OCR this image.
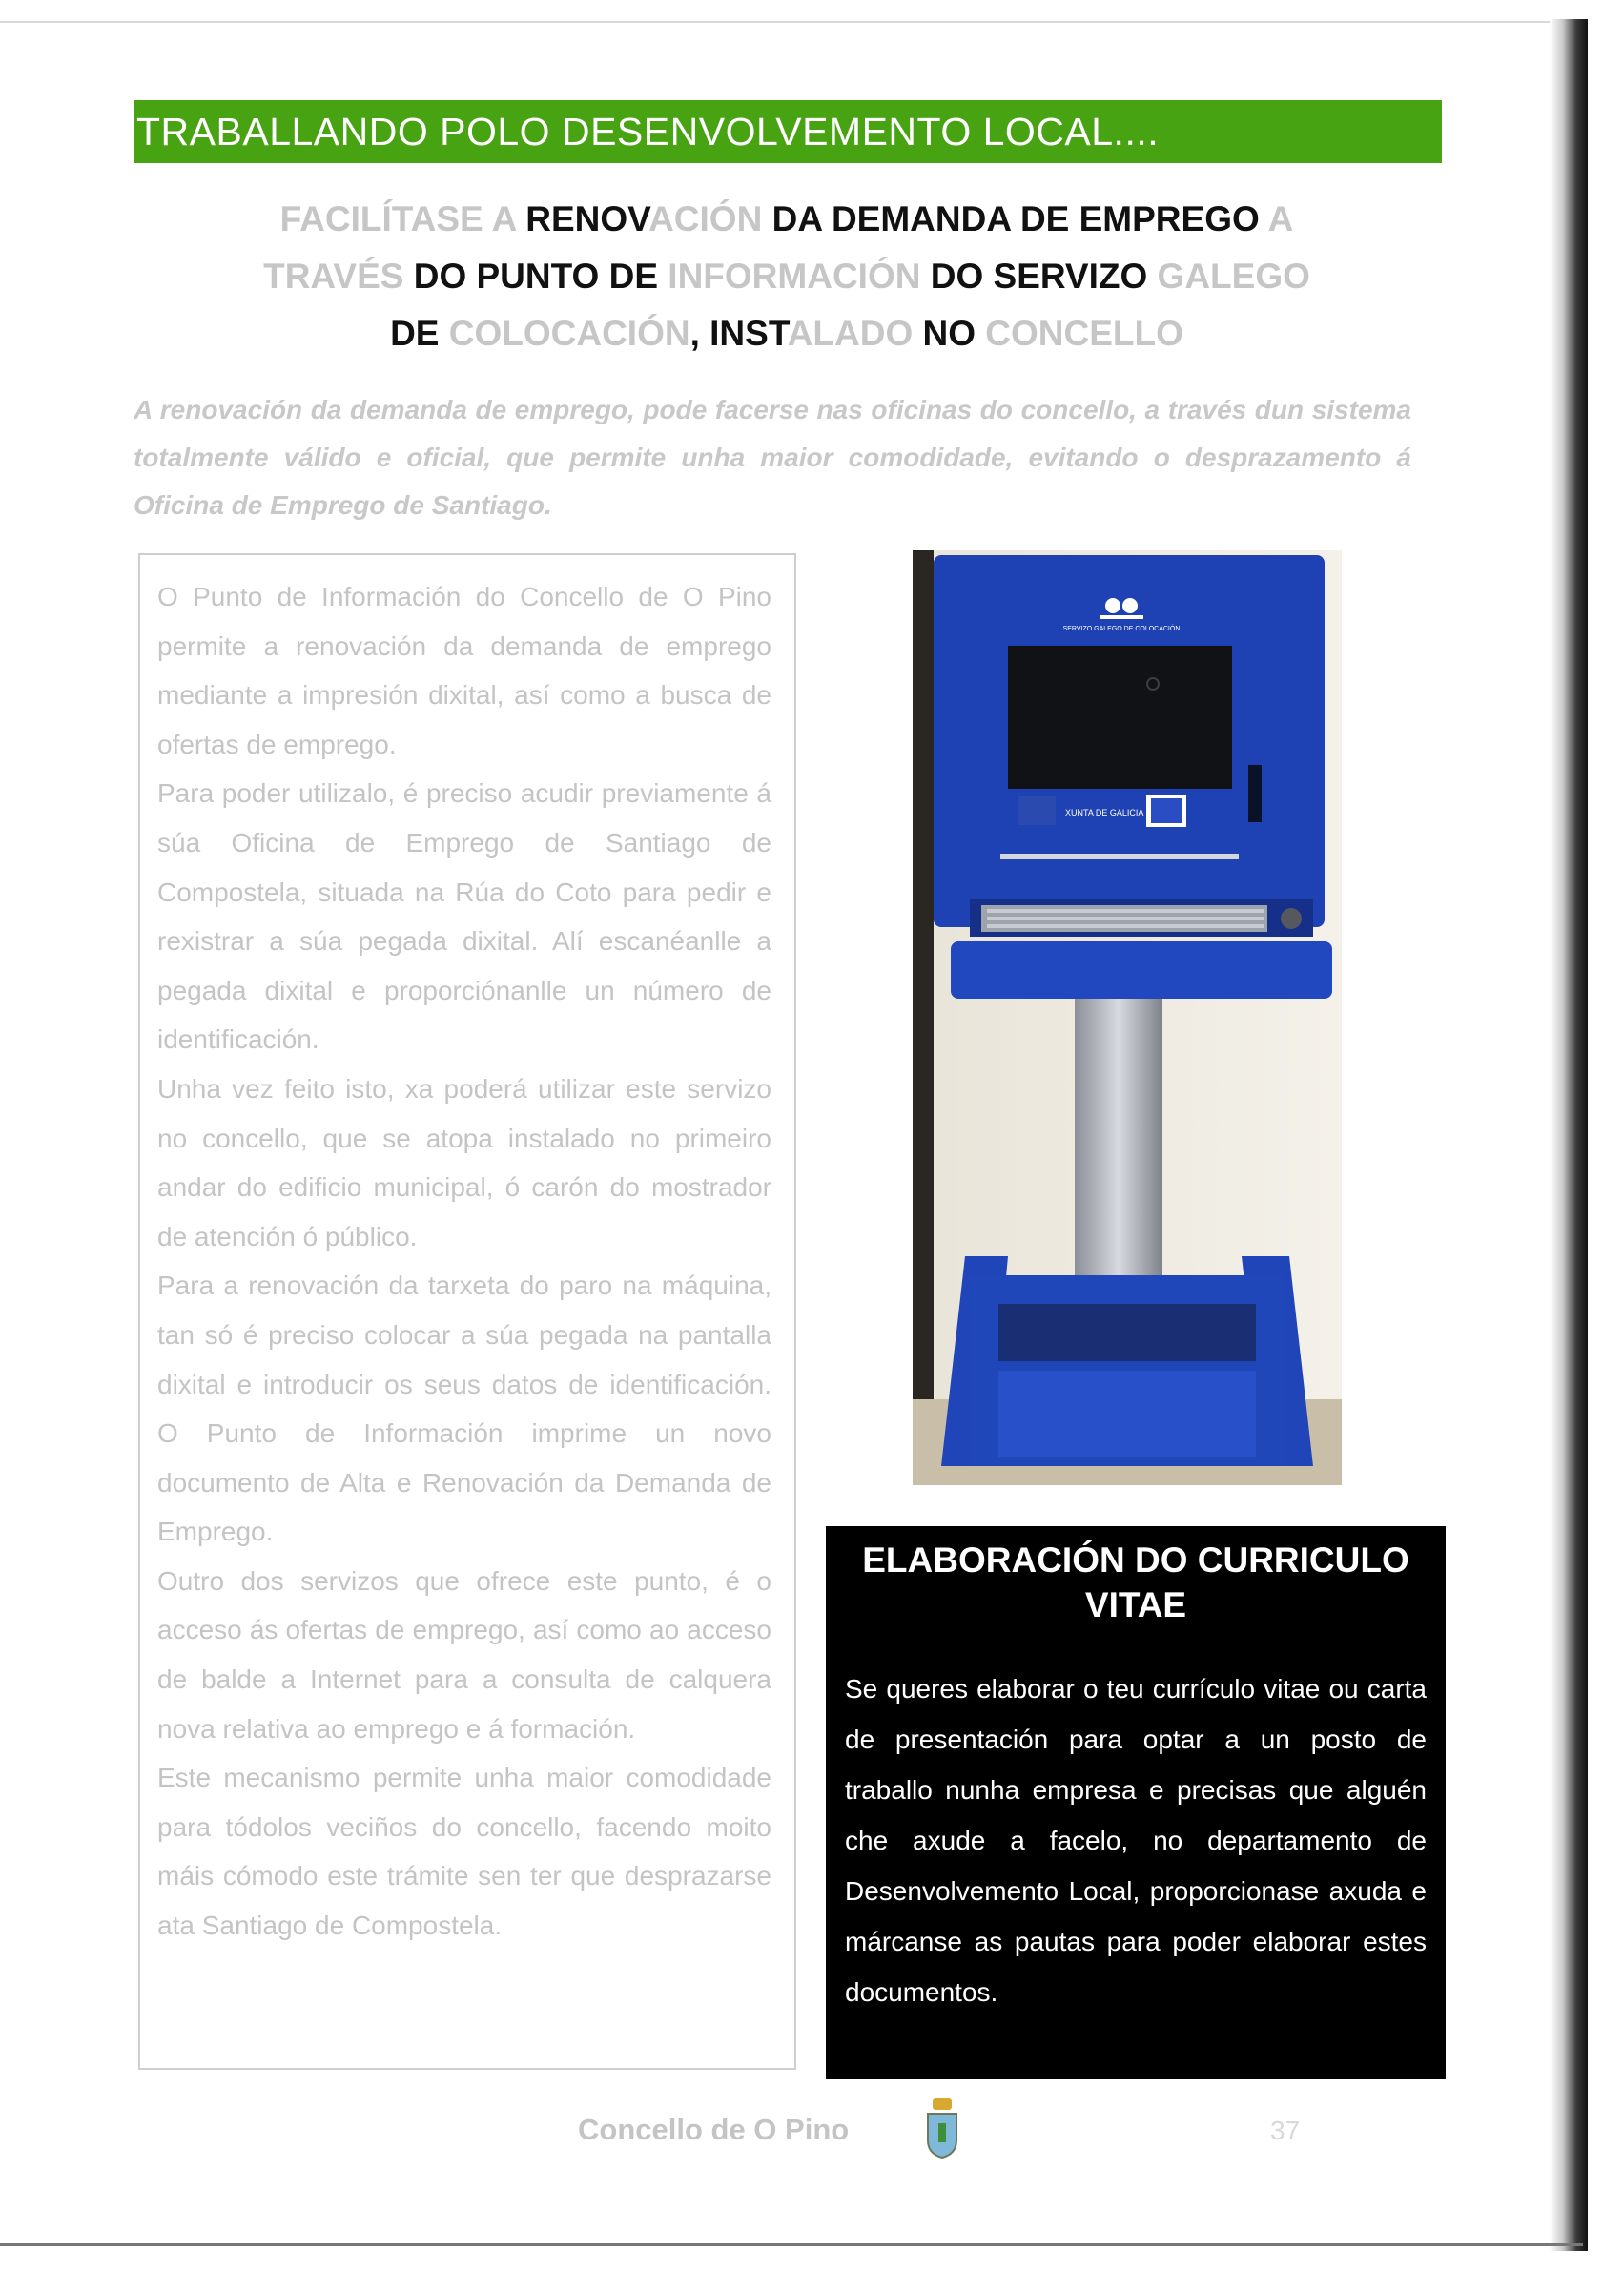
TRABALLANDO POLO DESENVOLVEMENTO LOCAL....
FACILÍTASE A RENOVACIÓN DA DEMANDA DE EMPREGO A
TRAVÉS DO PUNTO DE INFORMACIÓN DO SERVIZO GALEGO
DE COLOCACIÓN, INSTALADO NO CONCELLO
A renovación da demanda de emprego, pode facerse nas oficinas do concello, a través dun sistema totalmente válido e oficial, que permite unha maior comodidade, evitando o desprazamento á Oficina de Emprego de Santiago.

O Punto de Información do Concello de O Pino permite a renovación da demanda de emprego mediante a impresión dixital, así como a busca de ofertas de emprego.

Para poder utilizalo, é preciso acudir previamente á súa Oficina de Emprego de Santiago de Compostela, situada na Rúa do Coto para pedir e rexistrar a súa pegada dixital. Alí escanéanlle a pegada dixital e proporciónanlle un número de identificación.

Unha vez feito isto, xa poderá utilizar este servizo no concello, que se atopa instalado no primeiro andar do edificio municipal, ó carón do mostrador de atención ó público.

Para a renovación da tarxeta do paro na máquina, tan só é preciso colocar a súa pegada na pantalla dixital e introducir os seus datos de identificación. O Punto de Información imprime un novo documento de Alta e Renovación da Demanda de Emprego.

Outro dos servizos que ofrece este punto, é o acceso ás ofertas de emprego, así como ao acceso de balde a Internet para a consulta de calquera nova relativa ao emprego e á formación.

Este mecanismo permite unha maior comodidade para tódolos veciños do concello, facendo moito máis cómodo este trámite sen ter que desprazarse ata Santiago de Compostela.

SERVIZO GALEGO DE COLOCACIÓN
XUNTA DE GALICIA
ELABORACIÓN DO CURRICULO VITAE
Se queres elaborar o teu currículo vitae ou carta de presentación para optar a un posto de traballo nunha empresa e precisas que alguén che axude a facelo, no departamento de Desenvolvemento Local, proporcionase axuda e márcanse as pautas para poder elaborar estes documentos.
Concello de O Pino	37
